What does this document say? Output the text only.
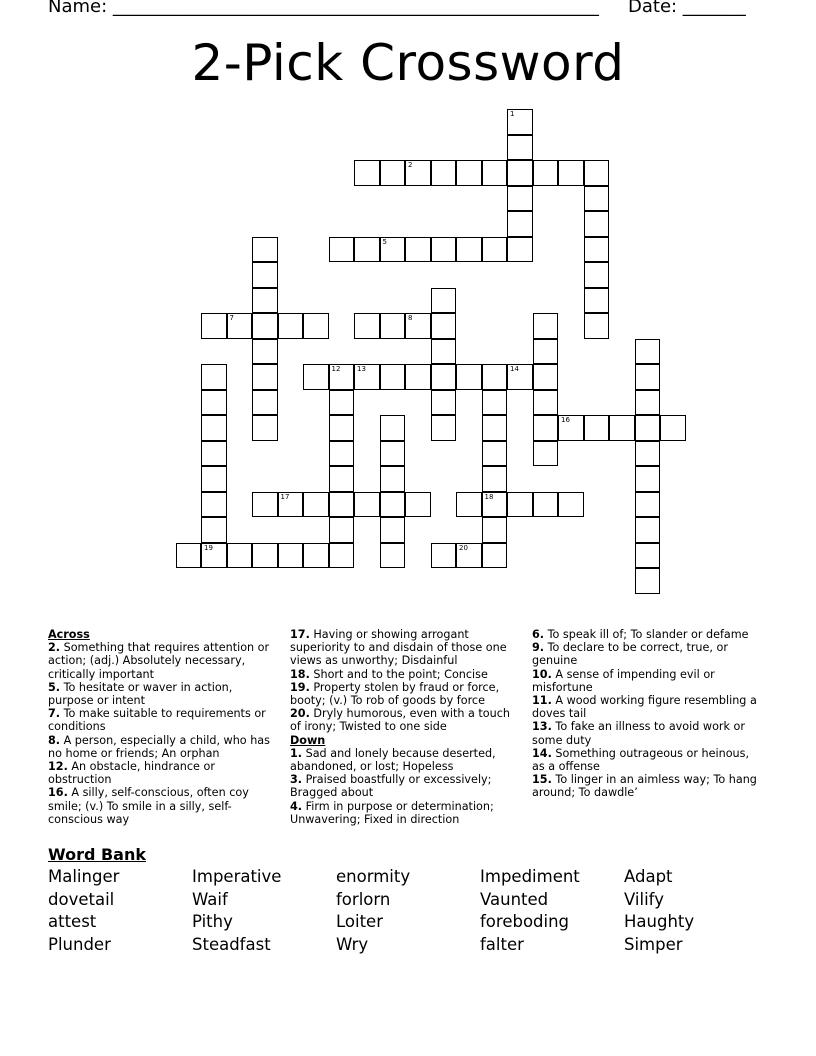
Name: ______________________________________________________ Date: _______
2-Pick Crossword
1
2
5
7	8
19
12 13	14
18
16
17
20
Across
2. Something that requires attention or action; (adj.) Absolutely necessary, critically important
5. To hesitate or waver in action, purpose or intent
7. To make suitable to requirements or conditions
8. A person, especially a child, who has no home or friends; An orphan
12. An obstacle, hindrance or obstruction
16. A silly, self-conscious, often coy smile; (v.) To smile in a silly, self-conscious way
17. Having or showing arrogant superiority to and disdain of those one views as unworthy; Disdainful
18. Short and to the point; Concise
19. Property stolen by fraud or force, booty; (v.) To rob of goods by force
20. Dryly humorous, even with a touch of irony; Twisted to one side
Down
1. Sad and lonely because deserted, abandoned, or lost; Hopeless
3. Praised boastfully or excessively; Bragged about
4. Firm in purpose or determination; Unwavering; Fixed in direction
6. To speak ill of; To slander or defame
9. To declare to be correct, true, or genuine
10. A sense of impending evil or misfortune
11. A wood working figure resembling a doves tail
13. To fake an illness to avoid work or some duty
14. Something outrageous or heinous, as a offense
15. To linger in an aimless way; To hang around; To dawdle’
Word Bank
Malinger
dovetail
attest
Plunder
Imperative
Waif
Pithy
Steadfast
enormity
forlorn
Loiter
Wry
Impediment
Vaunted
foreboding
falter
Adapt
Vilify
Haughty
Simper
